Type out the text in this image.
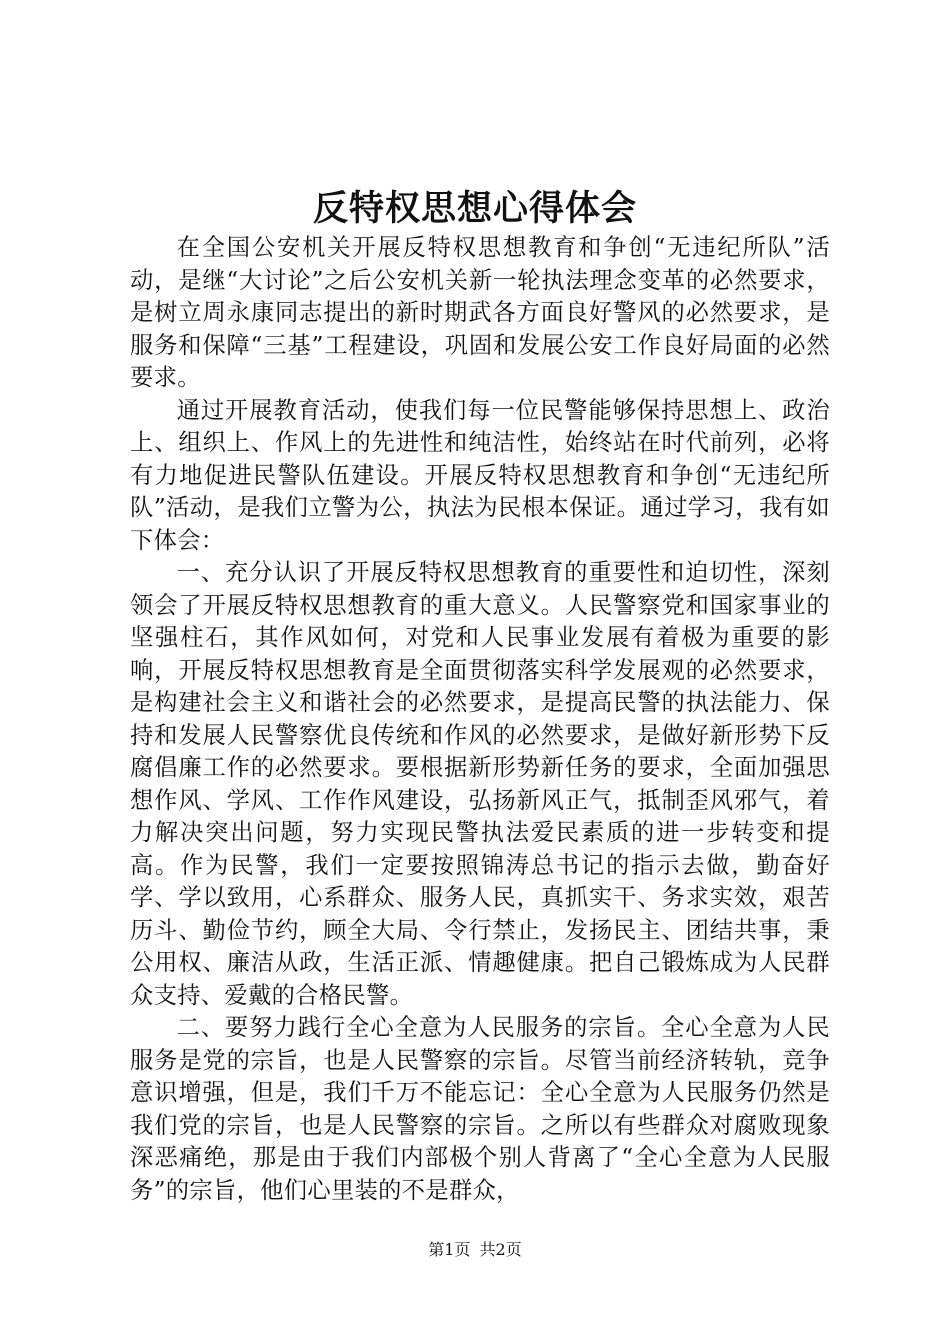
反特权思想心得体会

在全国公安机关开展反特权思想教育和争创“无违纪所队”活动，是继“大讨论”之后公安机关新一轮执法理念变革的必然要求，是树立周永康同志提出的新时期武各方面良好警风的必然要求，是服务和保障“三基”工程建设，巩固和发展公安工作良好局面的必然要求。

通过开展教育活动，使我们每一位民警能够保持思想上、政治上、组织上、作风上的先进性和纯洁性，始终站在时代前列，必将有力地促进民警队伍建设。开展反特权思想教育和争创“无违纪所队”活动，是我们立警为公，执法为民根本保证。通过学习，我有如下体会：

一、充分认识了开展反特权思想教育的重要性和迫切性，深刻领会了开展反特权思想教育的重大意义。人民警察党和国家事业的坚强柱石，其作风如何，对党和人民事业发展有着极为重要的影响，开展反特权思想教育是全面贯彻落实科学发展观的必然要求，是构建社会主义和谐社会的必然要求，是提高民警的执法能力、保持和发展人民警察优良传统和作风的必然要求，是做好新形势下反腐倡廉工作的必然要求。要根据新形势新任务的要求，全面加强思想作风、学风、工作作风建设，弘扬新风正气，抵制歪风邪气，着力解决突出问题，努力实现民警执法爱民素质的进一步转变和提高。作为民警，我们一定要按照锦涛总书记的指示去做，勤奋好学、学以致用，心系群众、服务人民，真抓实干、务求实效，艰苦历斗、勤俭节约，顾全大局、令行禁止，发扬民主、团结共事，秉公用权、廉洁从政，生活正派、情趣健康。把自己锻炼成为人民群众支持、爱戴的合格民警。

二、要努力践行全心全意为人民服务的宗旨。全心全意为人民服务是党的宗旨，也是人民警察的宗旨。尽管当前经济转轨，竞争意识增强，但是，我们千万不能忘记：全心全意为人民服务仍然是我们党的宗旨，也是人民警察的宗旨。之所以有些群众对腐败现象深恶痛绝，那是由于我们内部极个别人背离了“全心全意为人民服务”的宗旨，他们心里装的不是群众，

第1页 共2页
